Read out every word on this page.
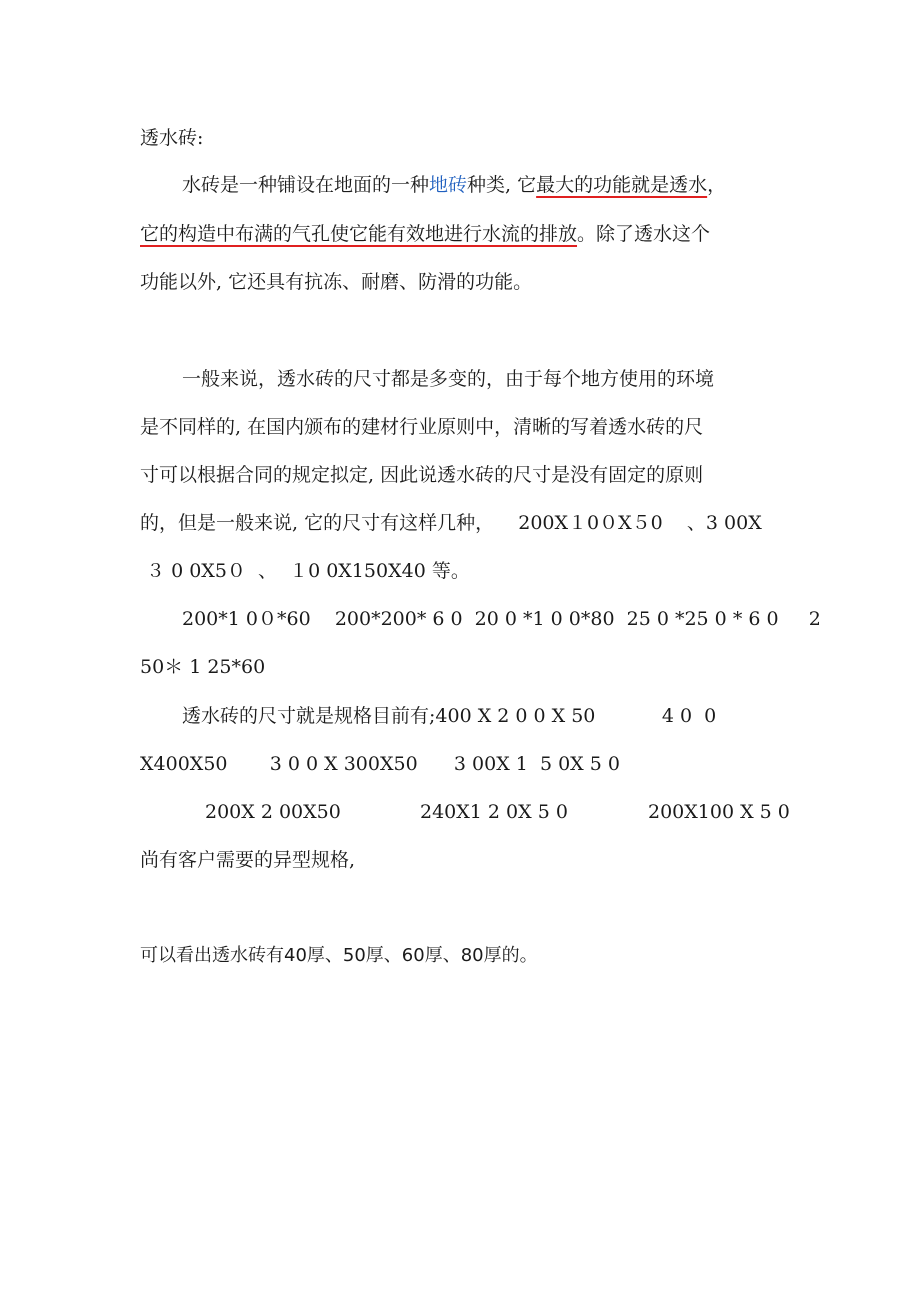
透水砖:
水砖是一种铺设在地面的一种地砖种类, 它最大的功能就是透水，
它的构造中布满的气孔使它能有效地进行水流的排放。除了透水这个
功能以外, 它还具有抗冻、耐磨、防滑的功能。
一般来说，透水砖的尺寸都是多变的，由于每个地方使用的环境
是不同样的, 在国内颁布的建材行业原则中，清晰的写着透水砖的尺
寸可以根据合同的规定拟定, 因此说透水砖的尺寸是没有固定的原则
的，但是一般来说, 它的尺寸有这样几种，    200X１0０X５0    、3 00X
３ 0 0X5０  、  １0 0X150X40 等。
200*1 0０*60    200*200* 6 0  20 0 *1 0 0*80  25 0 *25 0 * 6 0     2
50＊ 1 25*60
透水砖的尺寸就是规格目前有;400 X 2 0 0 X 50           4 0  0
X400X50       3 0 0 X 300X50      3 00X 1  5 0X 5 0
200X 2 00X50	240X1 2 0X 5 0	200X100 X 5 0
尚有客户需要的异型规格,
可以看出透水砖有40厚、50厚、60厚、80厚的。
